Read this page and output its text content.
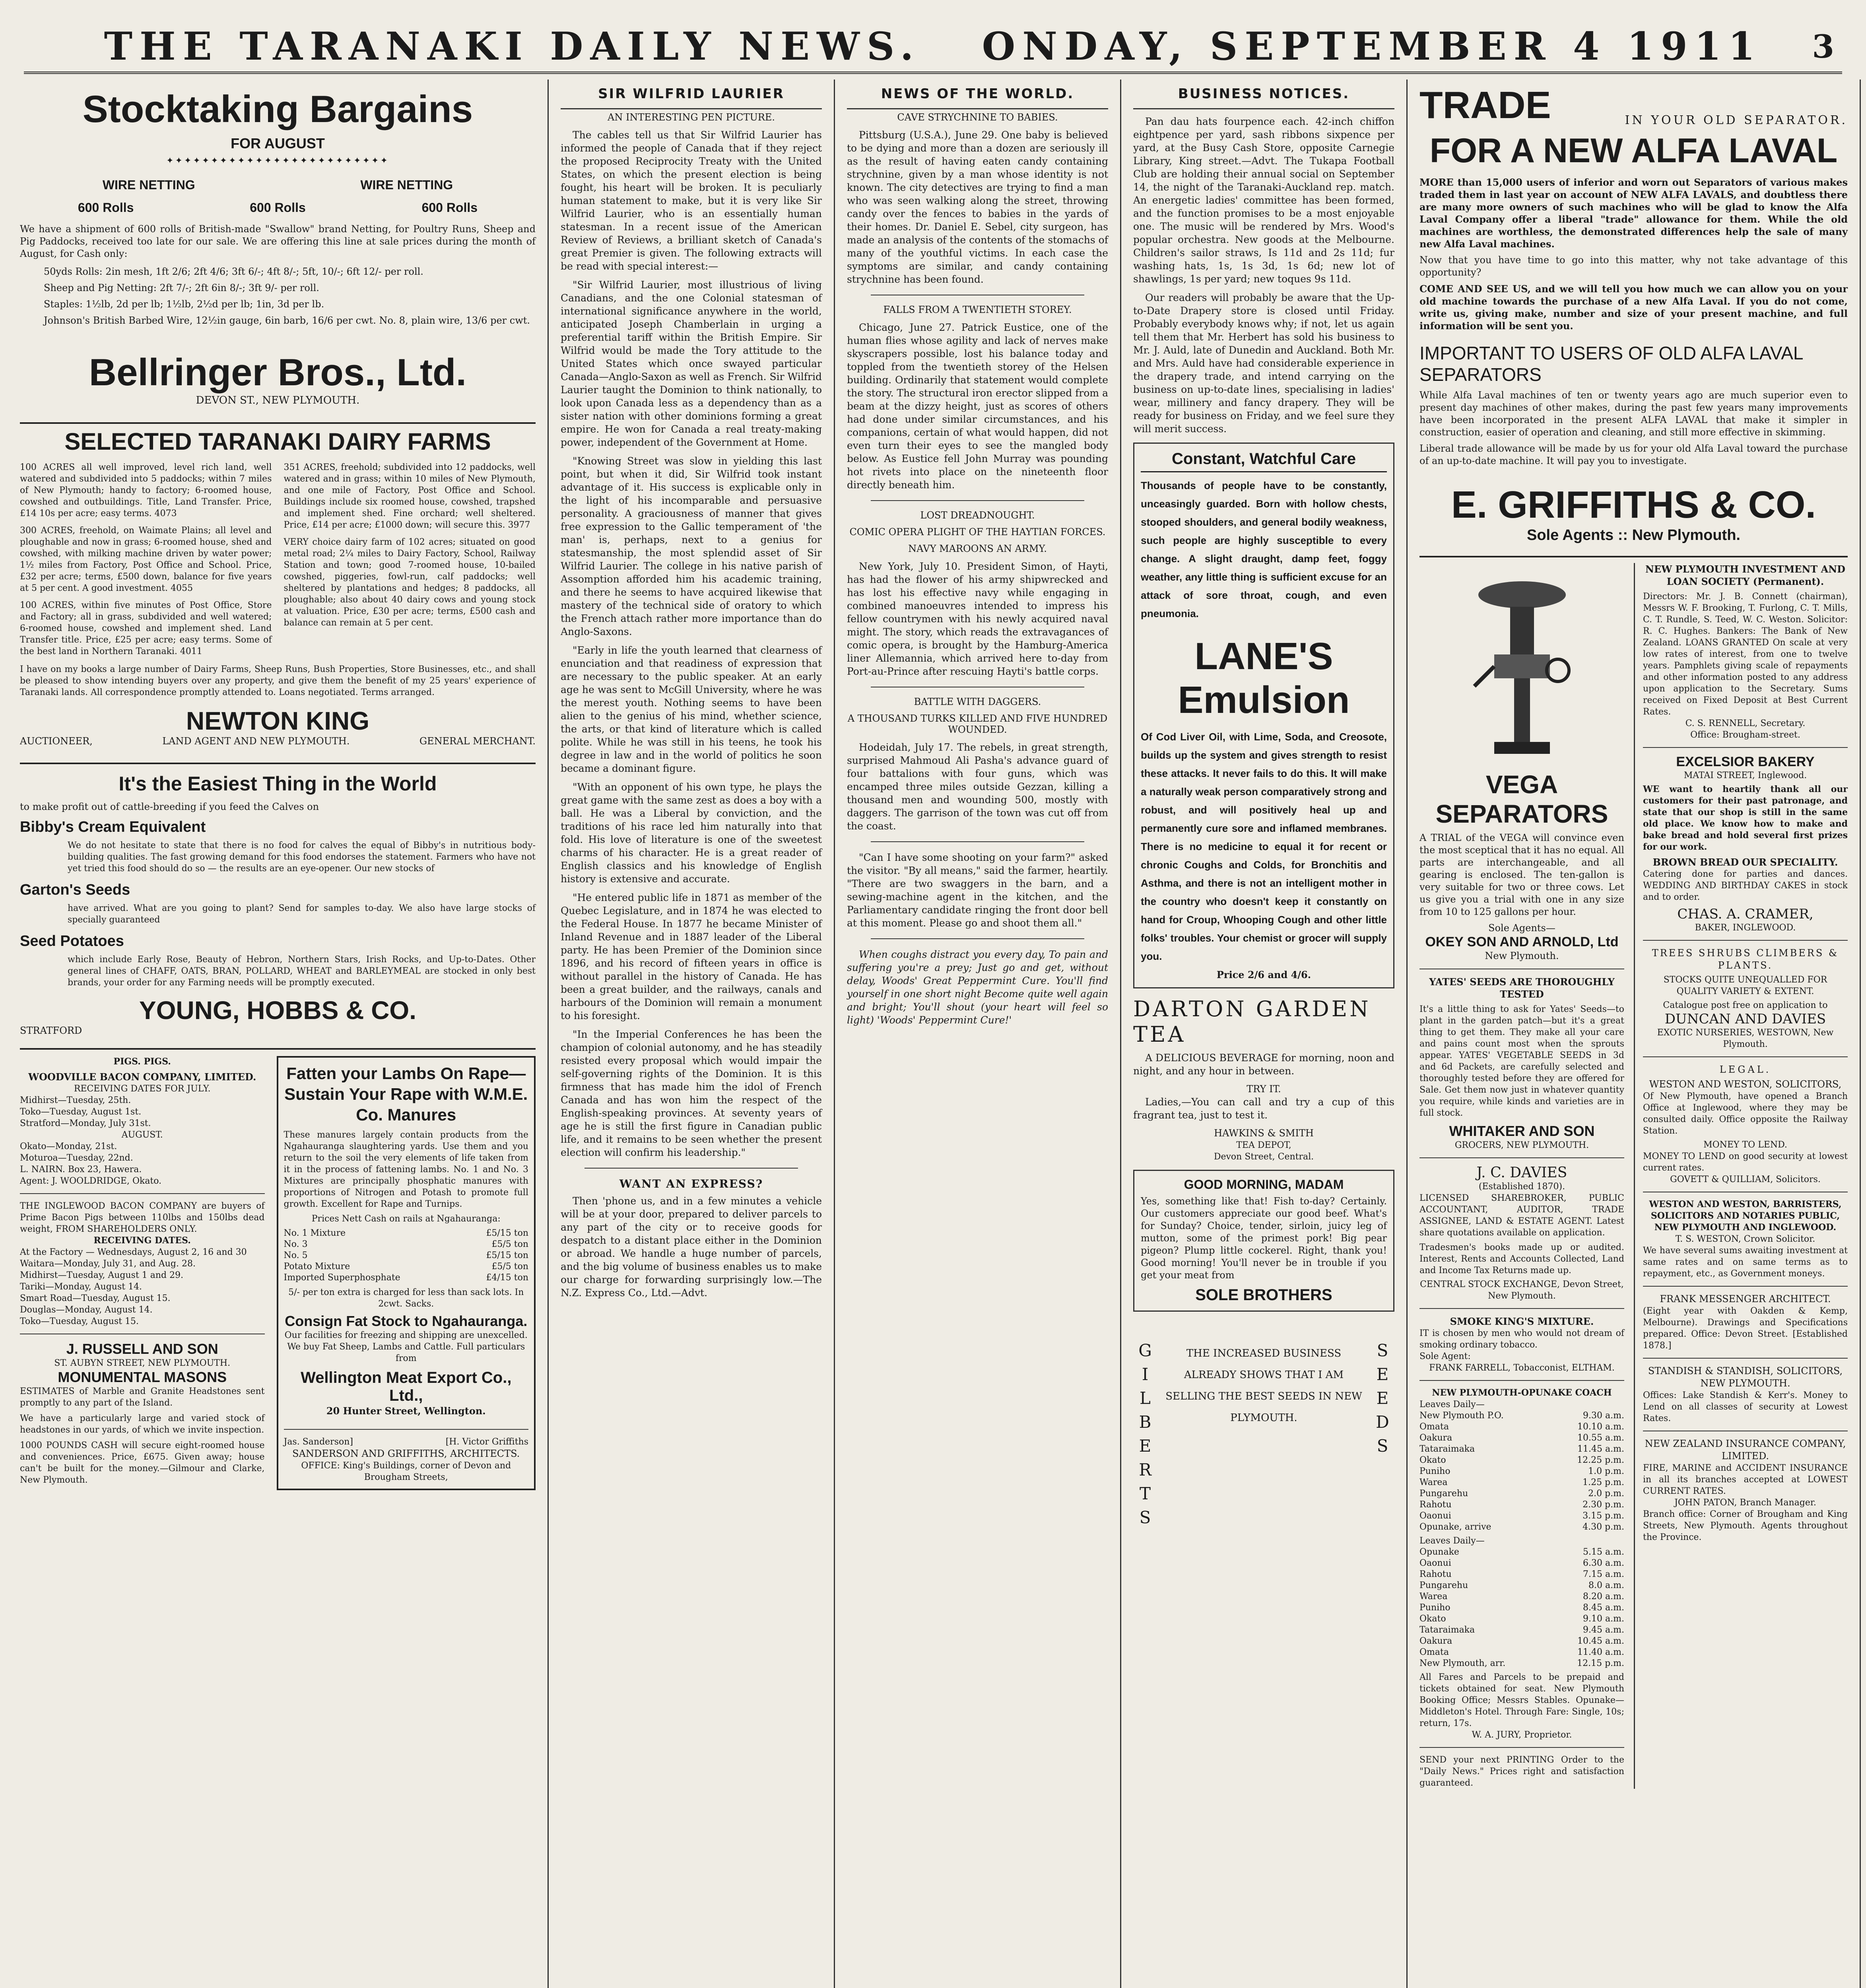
THE TARANAKI DAILY NEWS. ONDAY, SEPTEMBER 4 1911	3
Stocktaking Bargains
FOR AUGUST
✦✦✦✦✦✦✦✦✦✦✦✦✦✦✦✦✦✦✦✦✦✦✦✦✦
WIRE NETTING	WIRE NETTING
600 Rolls	600 Rolls	600 Rolls
We have a shipment of 600 rolls of British-made "Swallow" brand Netting, for Poultry Runs, Sheep and Pig Paddocks, received too late for our sale. We are offering this line at sale prices during the month of August, for Cash only:
50yds Rolls: 2in mesh, 1ft 2/6; 2ft 4/6; 3ft 6/-; 4ft 8/-; 5ft, 10/-; 6ft 12/- per roll.
Sheep and Pig Netting: 2ft 7/-; 2ft 6in 8/-; 3ft 9/- per roll.
Staples: 1½lb, 2d per lb; 1½lb, 2½d per lb; 1in, 3d per lb.
Johnson's British Barbed Wire, 12½in gauge, 6in barb, 16/6 per cwt. No. 8, plain wire, 13/6 per cwt.
Bellringer Bros., Ltd.
DEVON ST., NEW PLYMOUTH.
SELECTED TARANAKI DAIRY FARMS
100 ACRES all well improved, level rich land, well watered and subdivided into 5 paddocks; within 7 miles of New Plymouth; handy to factory; 6-roomed house, cowshed and outbuildings. Title, Land Transfer. Price, £14 10s per acre; easy terms. 4073
300 ACRES, freehold, on Waimate Plains; all level and ploughable and now in grass; 6-roomed house, shed and cowshed, with milking machine driven by water power; 1½ miles from Factory, Post Office and School. Price, £32 per acre; terms, £500 down, balance for five years at 5 per cent. A good investment. 4055
100 ACRES, within five minutes of Post Office, Store and Factory; all in grass, subdivided and well watered; 6-roomed house, cowshed and implement shed. Land Transfer title. Price, £25 per acre; easy terms. Some of the best land in Northern Taranaki. 4011
351 ACRES, freehold; subdivided into 12 paddocks, well watered and in grass; within 10 miles of New Plymouth, and one mile of Factory, Post Office and School. Buildings include six roomed house, cowshed, trapshed and implement shed. Fine orchard; well sheltered. Price, £14 per acre; £1000 down; will secure this. 3977
VERY choice dairy farm of 102 acres; situated on good metal road; 2¼ miles to Dairy Factory, School, Railway Station and town; good 7-roomed house, 10-bailed cowshed, piggeries, fowl-run, calf paddocks; well sheltered by plantations and hedges; 8 paddocks, all ploughable; also about 40 dairy cows and young stock at valuation. Price, £30 per acre; terms, £500 cash and balance can remain at 5 per cent.
I have on my books a large number of Dairy Farms, Sheep Runs, Bush Properties, Store Businesses, etc., and shall be pleased to show intending buyers over any property, and give them the benefit of my 25 years' experience of Taranaki lands. All correspondence promptly attended to. Loans negotiated. Terms arranged.
NEWTON KING
AUCTIONEER,	LAND AGENT AND NEW PLYMOUTH.	GENERAL MERCHANT.
It's the Easiest Thing in the World
to make profit out of cattle-breeding if you feed the Calves on
Bibby's Cream Equivalent
We do not hesitate to state that there is no food for calves the equal of Bibby's in nutritious body-building qualities. The fast growing demand for this food endorses the statement. Farmers who have not yet tried this food should do so — the results are an eye-opener. Our new stocks of
Garton's Seeds
have arrived. What are you going to plant? Send for samples to-day. We also have large stocks of specially guaranteed
Seed Potatoes
which include Early Rose, Beauty of Hebron, Northern Stars, Irish Rocks, and Up-to-Dates. Other general lines of CHAFF, OATS, BRAN, POLLARD, WHEAT and BARLEYMEAL are stocked in only best brands, your order for any Farming needs will be promptly executed.
YOUNG, HOBBS & CO.
STRATFORD
PIGS. PIGS.
WOODVILLE BACON COMPANY, LIMITED.
RECEIVING DATES FOR JULY.
Midhirst—Tuesday, 25th.
Toko—Tuesday, August 1st.
Stratford—Monday, July 31st.
AUGUST.
Okato—Monday, 21st.
Moturoa—Tuesday, 22nd.
L. NAIRN. Box 23, Hawera.
Agent: J. WOOLDRIDGE, Okato.
THE INGLEWOOD BACON COMPANY are buyers of Prime Bacon Pigs between 110lbs and 150lbs dead weight, FROM SHAREHOLDERS ONLY.
RECEIVING DATES.
At the Factory — Wednesdays, August 2, 16 and 30
Waitara—Monday, July 31, and Aug. 28.
Midhirst—Tuesday, August 1 and 29.
Tariki—Monday, August 14.
Smart Road—Tuesday, August 15.
Douglas—Monday, August 14.
Toko—Tuesday, August 15.
J. RUSSELL AND SON
ST. AUBYN STREET, NEW PLYMOUTH.
MONUMENTAL MASONS
ESTIMATES of Marble and Granite Headstones sent promptly to any part of the Island.
We have a particularly large and varied stock of headstones in our yards, of which we invite inspection.
1000 POUNDS CASH will secure eight-roomed house and conveniences. Price, £675. Given away; house can't be built for the money.—Gilmour and Clarke, New Plymouth.
Fatten your Lambs On Rape—Sustain Your Rape with W.M.E. Co. Manures
These manures largely contain products from the Ngahauranga slaughtering yards. Use them and you return to the soil the very elements of life taken from it in the process of fattening lambs. No. 1 and No. 3 Mixtures are principally phosphatic manures with proportions of Nitrogen and Potash to promote full growth. Excellent for Rape and Turnips.
Prices Nett Cash on rails at Ngahauranga:
No. 1 Mixture	£5/15 ton
No. 3	£5/5 ton
No. 5	£5/15 ton
Potato Mixture	£5/5 ton
Imported Superphosphate	£4/15 ton
5/- per ton extra is charged for less than sack lots. In 2cwt. Sacks.
Consign Fat Stock to Ngahauranga.
Our facilities for freezing and shipping are unexcelled. We buy Fat Sheep, Lambs and Cattle. Full particulars from
Wellington Meat Export Co., Ltd.,
20 Hunter Street, Wellington.
Jas. Sanderson]	[H. Victor Griffiths
SANDERSON AND GRIFFITHS, ARCHITECTS.
OFFICE: King's Buildings, corner of Devon and Brougham Streets,
SIR WILFRID LAURIER
AN INTERESTING PEN PICTURE.

The cables tell us that Sir Wilfrid Laurier has informed the people of Canada that if they reject the proposed Reciprocity Treaty with the United States, on which the present election is being fought, his heart will be broken. It is peculiarly human statement to make, but it is very like Sir Wilfrid Laurier, who is an essentially human statesman. In a recent issue of the American Review of Reviews, a brilliant sketch of Canada's great Premier is given. The following extracts will be read with special interest:—

"Sir Wilfrid Laurier, most illustrious of living Canadians, and the one Colonial statesman of international significance anywhere in the world, anticipated Joseph Chamberlain in urging a preferential tariff within the British Empire. Sir Wilfrid would be made the Tory attitude to the United States which once swayed particular Canada—Anglo-Saxon as well as French. Sir Wilfrid Laurier taught the Dominion to think nationally, to look upon Canada less as a dependency than as a sister nation with other dominions forming a great empire. He won for Canada a real treaty-making power, independent of the Government at Home.

"Knowing Street was slow in yielding this last point, but when it did, Sir Wilfrid took instant advantage of it. His success is explicable only in the light of his incomparable and persuasive personality. A graciousness of manner that gives free expression to the Gallic temperament of 'the man' is, perhaps, next to a genius for statesmanship, the most splendid asset of Sir Wilfrid Laurier. The college in his native parish of Assomption afforded him his academic training, and there he seems to have acquired likewise that mastery of the technical side of oratory to which the French attach rather more importance than do Anglo-Saxons.

"Early in life the youth learned that clearness of enunciation and that readiness of expression that are necessary to the public speaker. At an early age he was sent to McGill University, where he was the merest youth. Nothing seems to have been alien to the genius of his mind, whether science, the arts, or that kind of literature which is called polite. While he was still in his teens, he took his degree in law and in the world of politics he soon became a dominant figure.

"With an opponent of his own type, he plays the great game with the same zest as does a boy with a ball. He was a Liberal by conviction, and the traditions of his race led him naturally into that fold. His love of literature is one of the sweetest charms of his character. He is a great reader of English classics and his knowledge of English history is extensive and accurate.

"He entered public life in 1871 as member of the Quebec Legislature, and in 1874 he was elected to the Federal House. In 1877 he became Minister of Inland Revenue and in 1887 leader of the Liberal party. He has been Premier of the Dominion since 1896, and his record of fifteen years in office is without parallel in the history of Canada. He has been a great builder, and the railways, canals and harbours of the Dominion will remain a monument to his foresight.

"In the Imperial Conferences he has been the champion of colonial autonomy, and he has steadily resisted every proposal which would impair the self-governing rights of the Dominion. It is this firmness that has made him the idol of French Canada and has won him the respect of the English-speaking provinces. At seventy years of age he is still the first figure in Canadian public life, and it remains to be seen whether the present election will confirm his leadership."

WANT AN EXPRESS?

Then 'phone us, and in a few minutes a vehicle will be at your door, prepared to deliver parcels to any part of the city or to receive goods for despatch to a distant place either in the Dominion or abroad. We handle a huge number of parcels, and the big volume of business enables us to make our charge for forwarding surprisingly low.—The N.Z. Express Co., Ltd.—Advt.

NEWS OF THE WORLD.
CAVE STRYCHNINE TO BABIES.

Pittsburg (U.S.A.), June 29. One baby is believed to be dying and more than a dozen are seriously ill as the result of having eaten candy containing strychnine, given by a man whose identity is not known. The city detectives are trying to find a man who was seen walking along the street, throwing candy over the fences to babies in the yards of their homes. Dr. Daniel E. Sebel, city surgeon, has made an analysis of the contents of the stomachs of many of the youthful victims. In each case the symptoms are similar, and candy containing strychnine has been found.

FALLS FROM A TWENTIETH STOREY.

Chicago, June 27. Patrick Eustice, one of the human flies whose agility and lack of nerves make skyscrapers possible, lost his balance today and toppled from the twentieth storey of the Helsen building. Ordinarily that statement would complete the story. The structural iron erector slipped from a beam at the dizzy height, just as scores of others had done under similar circumstances, and his companions, certain of what would happen, did not even turn their eyes to see the mangled body below. As Eustice fell John Murray was pounding hot rivets into place on the nineteenth floor directly beneath him.

LOST DREADNOUGHT.
COMIC OPERA PLIGHT OF THE HAYTIAN FORCES.
NAVY MAROONS AN ARMY.

New York, July 10. President Simon, of Hayti, has had the flower of his army shipwrecked and has lost his effective navy while engaging in combined manoeuvres intended to impress his fellow countrymen with his newly acquired naval might. The story, which reads the extravagances of comic opera, is brought by the Hamburg-America liner Allemannia, which arrived here to-day from Port-au-Prince after rescuing Hayti's battle corps.

BATTLE WITH DAGGERS.
A THOUSAND TURKS KILLED AND FIVE HUNDRED WOUNDED.

Hodeidah, July 17. The rebels, in great strength, surprised Mahmoud Ali Pasha's advance guard of four battalions with four guns, which was encamped three miles outside Gezzan, killing a thousand men and wounding 500, mostly with daggers. The garrison of the town was cut off from the coast.

"Can I have some shooting on your farm?" asked the visitor. "By all means," said the farmer, heartily. "There are two swaggers in the barn, and a sewing-machine agent in the kitchen, and the Parliamentary candidate ringing the front door bell at this moment. Please go and shoot them all."

When coughs distract you every day, To pain and suffering you're a prey; Just go and get, without delay, Woods' Great Peppermint Cure. You'll find yourself in one short night Become quite well again and bright; You'll shout (your heart will feel so light) 'Woods' Peppermint Cure!'

BUSINESS NOTICES.

Pan dau hats fourpence each. 42-inch chiffon eightpence per yard, sash ribbons sixpence per yard, at the Busy Cash Store, opposite Carnegie Library, King street.—Advt. The Tukapa Football Club are holding their annual social on September 14, the night of the Taranaki-Auckland rep. match. An energetic ladies' committee has been formed, and the function promises to be a most enjoyable one. The music will be rendered by Mrs. Wood's popular orchestra. New goods at the Melbourne. Children's sailor straws, Is 11d and 2s 11d; fur washing hats, 1s, 1s 3d, 1s 6d; new lot of shawlings, 1s per yard; new toques 9s 11d.

Our readers will probably be aware that the Up-to-Date Drapery store is closed until Friday. Probably everybody knows why; if not, let us again tell them that Mr. Herbert has sold his business to Mr. J. Auld, late of Dunedin and Auckland. Both Mr. and Mrs. Auld have had considerable experience in the drapery trade, and intend carrying on the business on up-to-date lines, specialising in ladies' wear, millinery and fancy drapery. They will be ready for business on Friday, and we feel sure they will merit success.

Constant, Watchful Care
Thousands of people have to be constantly, unceasingly guarded. Born with hollow chests, stooped shoulders, and general bodily weakness, such people are highly susceptible to every change. A slight draught, damp feet, foggy weather, any little thing is sufficient excuse for an attack of sore throat, cough, and even pneumonia.
LANE'S
Emulsion
Of Cod Liver Oil, with Lime, Soda, and Creosote, builds up the system and gives strength to resist these attacks. It never fails to do this. It will make a naturally weak person comparatively strong and robust, and will positively heal up and permanently cure sore and inflamed membranes. There is no medicine to equal it for recent or chronic Coughs and Colds, for Bronchitis and Asthma, and there is not an intelligent mother in the country who doesn't keep it constantly on hand for Croup, Whooping Cough and other little folks' troubles. Your chemist or grocer will supply you.
Price 2/6 and 4/6.
DARTON GARDEN TEA

A DELICIOUS BEVERAGE for morning, noon and night, and any hour in between.

TRY IT.

Ladies,—You can call and try a cup of this fragrant tea, just to test it.

HAWKINS & SMITH
TEA DEPOT,
Devon Street, Central.
GOOD MORNING, MADAM
Yes, something like that! Fish to-day? Certainly. Our customers appreciate our good beef. What's for Sunday? Choice, tender, sirloin, juicy leg of mutton, some of the primest pork! Big pear pigeon? Plump little cockerel. Right, thank you! Good morning! You'll never be in trouble if you get your meat from
SOLE BROTHERS
G I L B E R T S
THE INCREASED BUSINESS ALREADY SHOWS THAT I AM SELLING THE BEST SEEDS IN NEW PLYMOUTH.
S E E D S
TRADE	IN YOUR OLD SEPARATOR.
FOR A NEW ALFA LAVAL
MORE than 15,000 users of inferior and worn out Separators of various makes traded them in last year on account of NEW ALFA LAVALS, and doubtless there are many more owners of such machines who will be glad to know the Alfa Laval Company offer a liberal "trade" allowance for them. While the old machines are worthless, the demonstrated differences help the sale of many new Alfa Laval machines.
Now that you have time to go into this matter, why not take advantage of this opportunity?
COME AND SEE US, and we will tell you how much we can allow you on your old machine towards the purchase of a new Alfa Laval. If you do not come, write us, giving make, number and size of your present machine, and full information will be sent you.
IMPORTANT TO USERS OF OLD ALFA LAVAL SEPARATORS
While Alfa Laval machines of ten or twenty years ago are much superior even to present day machines of other makes, during the past few years many improvements have been incorporated in the present ALFA LAVAL that make it simpler in construction, easier of operation and cleaning, and still more effective in skimming.
Liberal trade allowance will be made by us for your old Alfa Laval toward the purchase of an up-to-date machine. It will pay you to investigate.
E. GRIFFITHS & CO.
Sole Agents :: New Plymouth.
VEGA SEPARATORS
A TRIAL of the VEGA will convince even the most sceptical that it has no equal. All parts are interchangeable, and all gearing is enclosed. The ten-gallon is very suitable for two or three cows. Let us give you a trial with one in any size from 10 to 125 gallons per hour.
Sole Agents—
OKEY SON AND ARNOLD, Ltd
New Plymouth.
YATES' SEEDS ARE THOROUGHLY TESTED
It's a little thing to ask for Yates' Seeds—to plant in the garden patch—but it's a great thing to get them. They make all your care and pains count most when the sprouts appear. YATES' VEGETABLE SEEDS in 3d and 6d Packets, are carefully selected and thoroughly tested before they are offered for Sale. Get them now just in whatever quantity you require, while kinds and varieties are in full stock.
WHITAKER AND SON
GROCERS, NEW PLYMOUTH.
J. C. DAVIES
(Established 1870).
LICENSED SHAREBROKER, PUBLIC ACCOUNTANT, AUDITOR, TRADE ASSIGNEE, LAND & ESTATE AGENT. Latest share quotations available on application.
Tradesmen's books made up or audited. Interest, Rents and Accounts Collected, Land and Income Tax Returns made up.
CENTRAL STOCK EXCHANGE, Devon Street, New Plymouth.
SMOKE KING'S MIXTURE.
IT is chosen by men who would not dream of smoking ordinary tobacco.
Sole Agent:
FRANK FARRELL, Tobacconist, ELTHAM.
NEW PLYMOUTH-OPUNAKE COACH
Leaves Daily—
New Plymouth P.O.	9.30 a.m.
Omata	10.10 a.m.
Oakura	10.55 a.m.
Tataraimaka	11.45 a.m.
Okato	12.25 p.m.
Puniho	1.0 p.m.
Warea	1.25 p.m.
Pungarehu	2.0 p.m.
Rahotu	2.30 p.m.
Oaonui	3.15 p.m.
Opunake, arrive	4.30 p.m.
Leaves Daily—
Opunake	5.15 a.m.
Oaonui	6.30 a.m.
Rahotu	7.15 a.m.
Pungarehu	8.0 a.m.
Warea	8.20 a.m.
Puniho	8.45 a.m.
Okato	9.10 a.m.
Tataraimaka	9.45 a.m.
Oakura	10.45 a.m.
Omata	11.40 a.m.
New Plymouth, arr.	12.15 p.m.
All Fares and Parcels to be prepaid and tickets obtained for seat. New Plymouth Booking Office; Messrs Stables. Opunake—Middleton's Hotel. Through Fare: Single, 10s; return, 17s.
W. A. JURY, Proprietor.
SEND your next PRINTING Order to the "Daily News." Prices right and satisfaction guaranteed.
NEW PLYMOUTH INVESTMENT AND LOAN SOCIETY (Permanent).
Directors: Mr. J. B. Connett (chairman), Messrs W. F. Brooking, T. Furlong, C. T. Mills, C. T. Rundle, S. Teed, W. C. Weston. Solicitor: R. C. Hughes. Bankers: The Bank of New Zealand. LOANS GRANTED On scale at very low rates of interest, from one to twelve years. Pamphlets giving scale of repayments and other information posted to any address upon application to the Secretary. Sums received on Fixed Deposit at Best Current Rates.
C. S. RENNELL, Secretary.
Office: Brougham-street.
EXCELSIOR BAKERY
MATAI STREET, Inglewood.
WE want to heartily thank all our customers for their past patronage, and state that our shop is still in the same old place. We know how to make and bake bread and hold several first prizes for our work.
BROWN BREAD OUR SPECIALITY.
Catering done for parties and dances. WEDDING AND BIRTHDAY CAKES in stock and to order.
CHAS. A. CRAMER,
BAKER, INGLEWOOD.
TREES SHRUBS CLIMBERS & PLANTS.
STOCKS QUITE UNEQUALLED FOR QUALITY VARIETY & EXTENT.
Catalogue post free on application to
DUNCAN AND DAVIES
EXOTIC NURSERIES, WESTOWN, New Plymouth.
LEGAL.
WESTON AND WESTON, SOLICITORS,
Of New Plymouth, have opened a Branch Office at Inglewood, where they may be consulted daily. Office opposite the Railway Station.
MONEY TO LEND.
MONEY TO LEND on good security at lowest current rates.
GOVETT & QUILLIAM, Solicitors.
WESTON AND WESTON, BARRISTERS, SOLICITORS AND NOTARIES PUBLIC, NEW PLYMOUTH AND INGLEWOOD.
T. S. WESTON, Crown Solicitor.
We have several sums awaiting investment at same rates and on same terms as to repayment, etc., as Government moneys.
FRANK MESSENGER ARCHITECT.
(Eight year with Oakden & Kemp, Melbourne). Drawings and Specifications prepared. Office: Devon Street. [Established 1878.]
STANDISH & STANDISH, SOLICITORS, NEW PLYMOUTH.
Offices: Lake Standish & Kerr's. Money to Lend on all classes of security at Lowest Rates.
NEW ZEALAND INSURANCE COMPANY, LIMITED.
FIRE, MARINE and ACCIDENT INSURANCE in all its branches accepted at LOWEST CURRENT RATES.
JOHN PATON, Branch Manager.
Branch office: Corner of Brougham and King Streets, New Plymouth. Agents throughout the Province.
